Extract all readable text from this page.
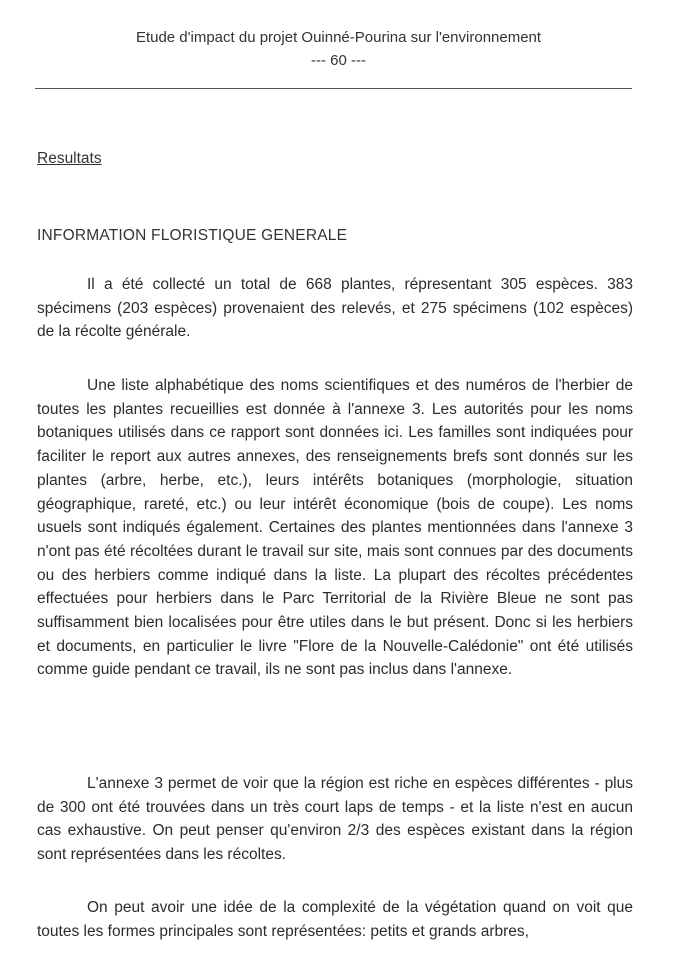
Etude d'impact du projet Ouinné-Pourina sur l'environnement
--- 60 ---
Resultats
INFORMATION FLORISTIQUE GENERALE

Il a été collecté un total de 668 plantes, répresentant 305 espèces. 383 spécimens (203 espèces) provenaient des relevés, et 275 spécimens (102 espèces) de la récolte générale.

Une liste alphabétique des noms scientifiques et des numéros de l'herbier de toutes les plantes recueillies est donnée à l'annexe 3. Les autorités pour les noms botaniques utilisés dans ce rapport sont données ici. Les familles sont indiquées pour faciliter le report aux autres annexes, des renseignements brefs sont donnés sur les plantes (arbre, herbe, etc.), leurs intérêts botaniques (morphologie, situation géographique, rareté, etc.) ou leur intérêt économique (bois de coupe). Les noms usuels sont indiqués également. Certaines des plantes mentionnées dans l'annexe 3 n'ont pas été récoltées durant le travail sur site, mais sont connues par des documents ou des herbiers comme indiqué dans la liste. La plupart des récoltes précédentes effectuées pour herbiers dans le Parc Territorial de la Rivière Bleue ne sont pas suffisamment bien localisées pour être utiles dans le but présent. Donc si les herbiers et documents, en particulier le livre "Flore de la Nouvelle-Calédonie" ont été utilisés comme guide pendant ce travail, ils ne sont pas inclus dans l'annexe.

L'annexe 3 permet de voir que la région est riche en espèces différentes - plus de 300 ont été trouvées dans un très court laps de temps - et la liste n'est en aucun cas exhaustive. On peut penser qu'environ 2/3 des espèces existant dans la région sont représentées dans les récoltes.

On peut avoir une idée de la complexité de la végétation quand on voit que toutes les formes principales sont représentées: petits et grands arbres,
